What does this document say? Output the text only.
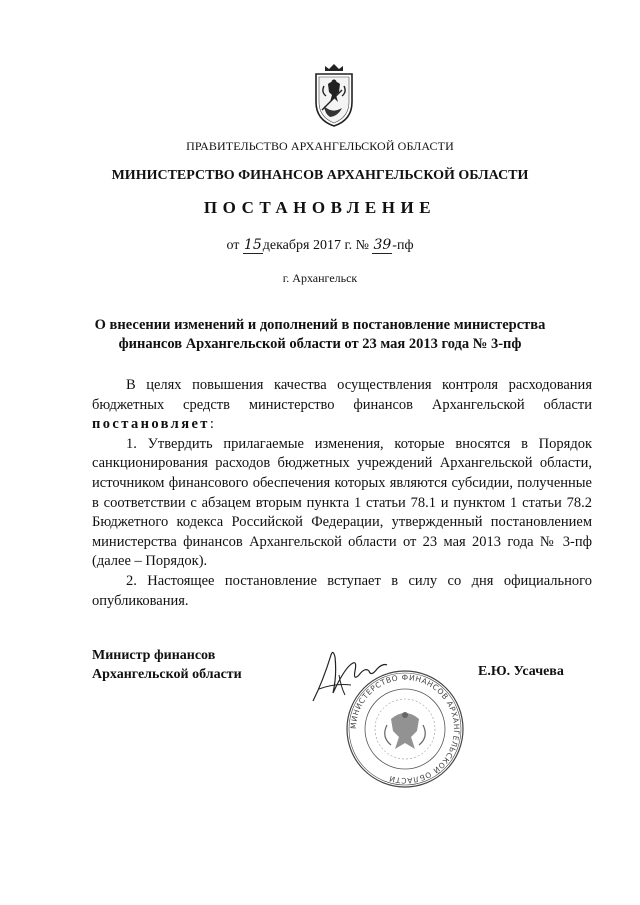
ПРАВИТЕЛЬСТВО АРХАНГЕЛЬСКОЙ ОБЛАСТИ
МИНИСТЕРСТВО ФИНАНСОВ АРХАНГЕЛЬСКОЙ ОБЛАСТИ
ПОСТАНОВЛЕНИЕ
от 15декабря 2017 г. № 39-пф
г. Архангельск
О внесении изменений и дополнений в постановление министерства
финансов Архангельской области от 23 мая 2013 года № 3-пф

В целях повышения качества осуществления контроля расходования бюджетных средств министерство финансов Архангельской области постановляет:

1. Утвердить прилагаемые изменения, которые вносятся в Порядок санкционирования расходов бюджетных учреждений Архангельской области, источником финансового обеспечения которых являются субсидии, полученные в соответствии с абзацем вторым пункта 1 статьи 78.1 и пунктом 1 статьи 78.2 Бюджетного кодекса Российской Федерации, утвержденный постановлением министерства финансов Архангельской области от 23 мая 2013 года № 3-пф (далее – Порядок).

2. Настоящее постановление вступает в силу со дня официального опубликования.

Министр финансов
Архангельской области
МИНИСТЕРСТВО ФИНАНСОВ АРХАНГЕЛЬСКОЙ ОБЛАСТИ
Е.Ю. Усачева
